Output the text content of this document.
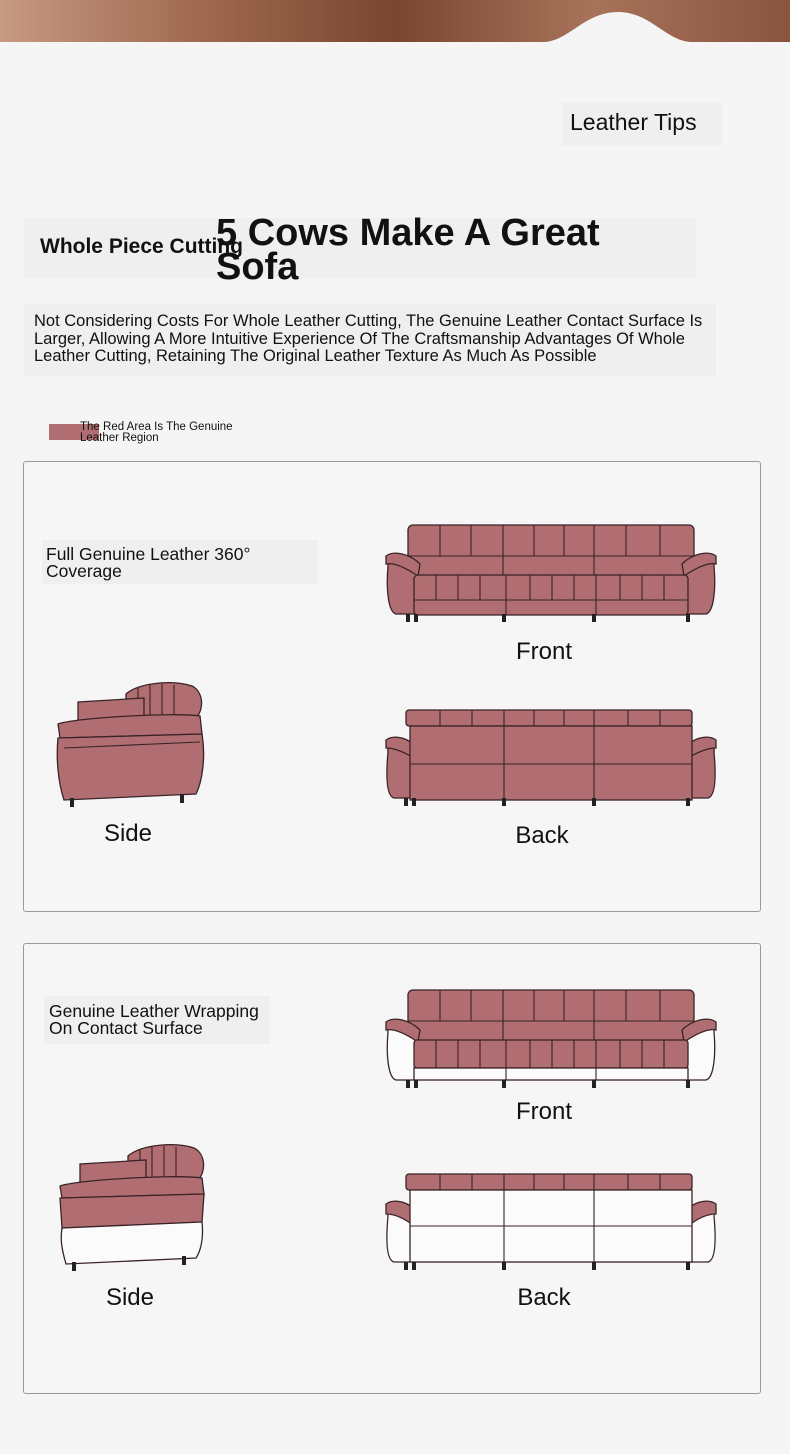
Leather Tips
Whole Piece Cutting
5 Cows Make A Great Sofa
Not Considering Costs For Whole Leather Cutting, The Genuine Leather Contact Surface Is Larger, Allowing A More Intuitive Experience Of The Craftsmanship Advantages Of Whole Leather Cutting, Retaining The Original Leather Texture As Much As Possible
The Red Area Is The Genuine Leather Region
Full Genuine Leather 360° Coverage
Front
Side	Back
Genuine Leather Wrapping On Contact Surface
Front
Side	Back
